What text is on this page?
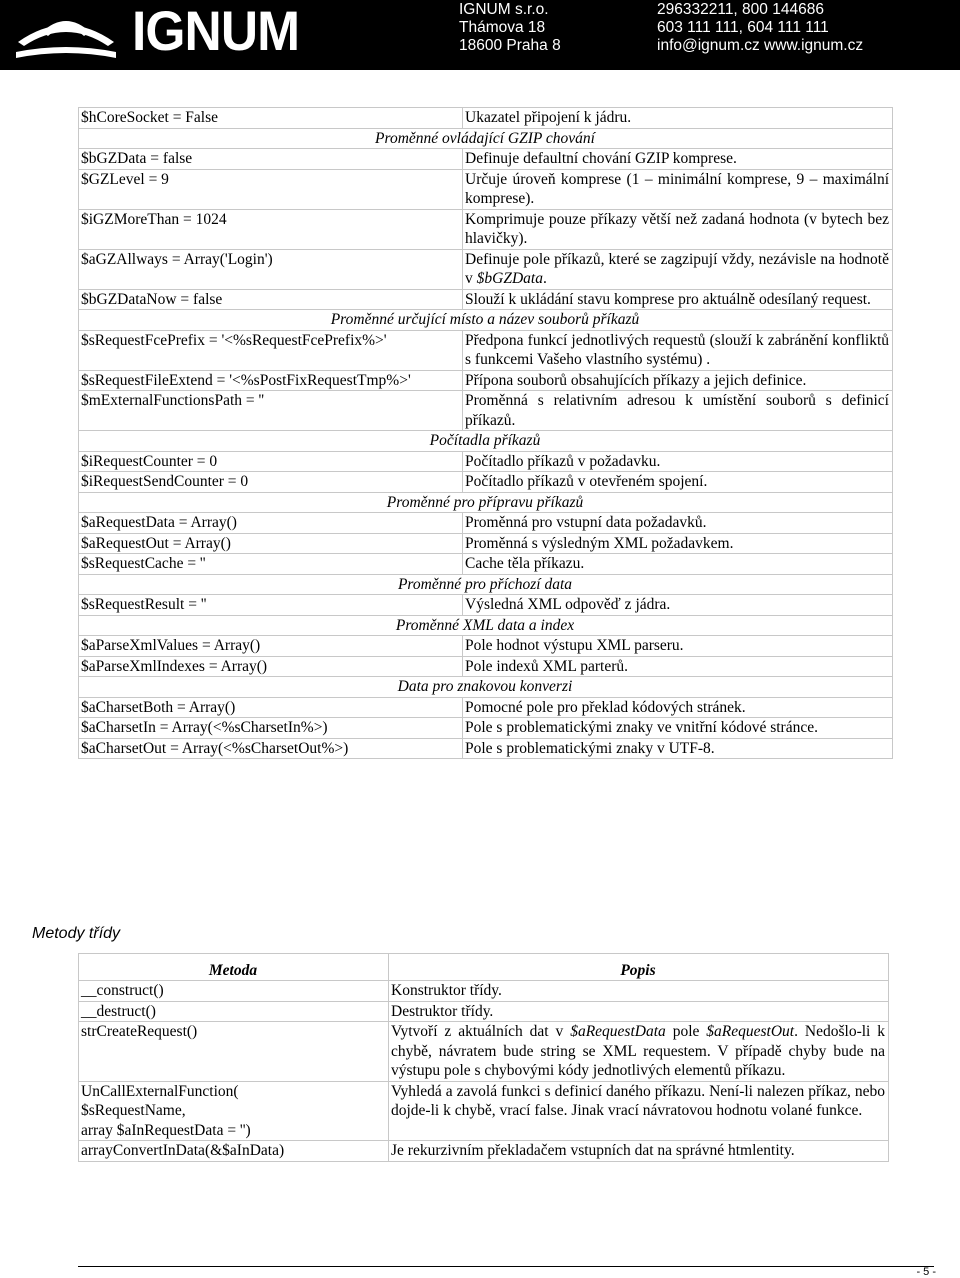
IGNUM	IGNUM s.r.o.
Thámova 18
18600 Praha 8
296332211, 800 144686
603 111 111, 604 111 111
info@ignum.cz www.ignum.cz
$hCoreSocket = False	Ukazatel připojení k jádru.
Proměnné ovládající GZIP chování	
$bGZData = false	Definuje defaultní chování GZIP komprese.
$GZLevel = 9	Určuje úroveň komprese (1 – minimální komprese, 9 – maximální komprese).
$iGZMoreThan = 1024	Komprimuje pouze příkazy větší než zadaná hodnota (v bytech bez hlavičky).
$aGZAllways = Array('Login')	Definuje pole příkazů, které se zagzipují vždy, nezávisle na hodnotě v $bGZData.
$bGZDataNow = false	Slouží k ukládání stavu komprese pro aktuálně odesílaný request.
Proměnné určující místo a název souborů příkazů	
$sRequestFcePrefix = '<%sRequestFcePrefix%>'	Předpona funkcí jednotlivých requestů (slouží k zabránění konfliktů s funkcemi Vašeho vlastního systému) .
$sRequestFileExtend = '<%sPostFixRequestTmp%>'	Přípona souborů obsahujících příkazy a jejich definice.
$mExternalFunctionsPath = ''	Proměnná s relativním adresou k umístění souborů s definicí příkazů.
Počítadla příkazů	
$iRequestCounter = 0	Počítadlo příkazů v požadavku.
$iRequestSendCounter = 0	Počítadlo příkazů v otevřeném spojení.
Proměnné pro přípravu příkazů	
$aRequestData = Array()	Proměnná pro vstupní data požadavků.
$aRequestOut = Array()	Proměnná s výsledným XML požadavkem.
$sRequestCache = ''	Cache těla příkazu.
Proměnné pro příchozí data	
$sRequestResult = ''	Výsledná XML odpověď z jádra.
Proměnné XML data a index	
$aParseXmlValues = Array()	Pole hodnot výstupu XML parseru.
$aParseXmlIndexes = Array()	Pole indexů XML parterů.
Data pro znakovou konverzi	
$aCharsetBoth = Array()	Pomocné pole pro překlad kódových stránek.
$aCharsetIn = Array(<%sCharsetIn%>)	Pole s problematickými znaky ve vnitřní kódové stránce.
$aCharsetOut = Array(<%sCharsetOut%>)	Pole s problematickými znaky v UTF-8.
Metody třídy
Metoda	Popis
__construct()	Konstruktor třídy.
__destruct()	Destruktor třídy.
strCreateRequest()	Vytvoří z aktuálních dat v $aRequestData pole $aRequestOut. Nedošlo-li k chybě, návratem bude string se XML requestem. V případě chyby bude na výstupu pole s chybovými kódy jednotlivých elementů příkazu.

UnCallExternalFunction(
$sRequestName,
array $aInRequestData = '')	Vyhledá a zavolá funkci s definicí daného příkazu. Není-li nalezen příkaz, nebo dojde-li k chybě, vrací false. Jinak vrací návratovou hodnotu volané funkce.
arrayConvertInData(&$aInData)	Je rekurzivním překladačem vstupních dat na správné htmlentity.
- 5 -
